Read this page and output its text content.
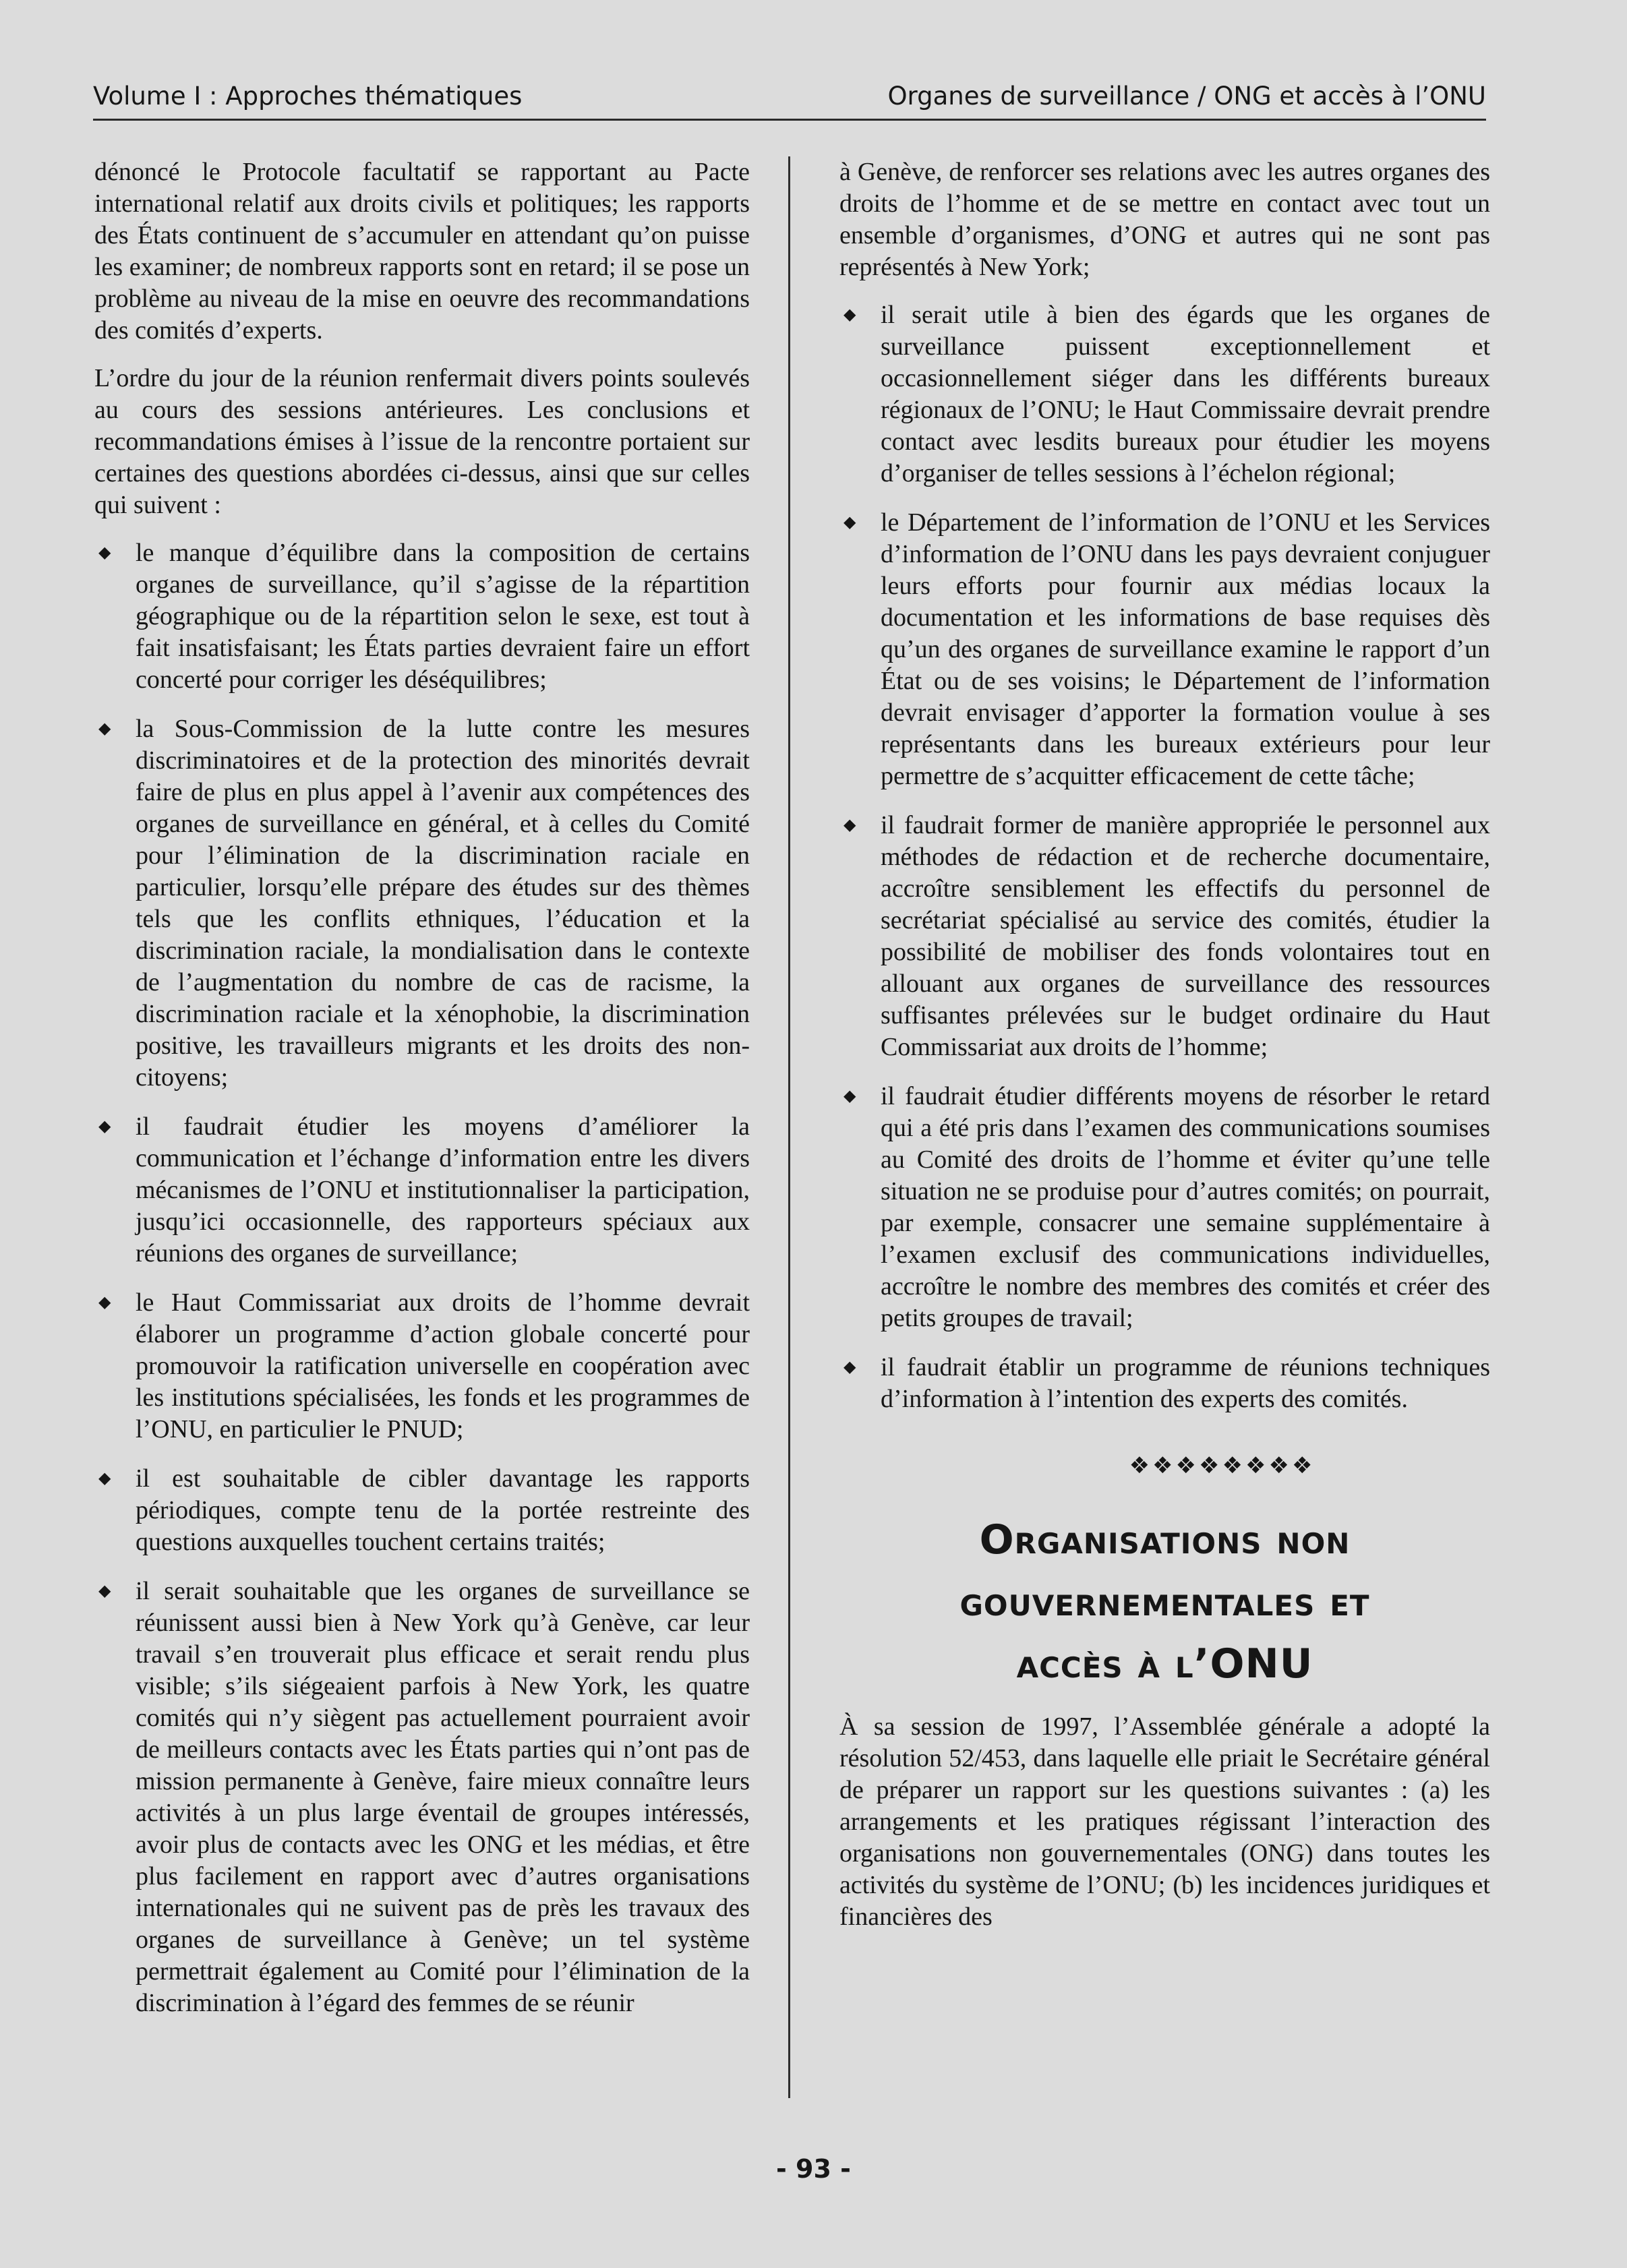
Volume I : Approches thématiques	Organes de surveillance / ONG et accès à l’ONU

dénoncé le Protocole facultatif se rapportant au Pacte international relatif aux droits civils et politiques; les rapports des États continuent de s’accumuler en attendant qu’on puisse les examiner; de nombreux rapports sont en retard; il se pose un problème au niveau de la mise en oeuvre des recommandations des comités d’experts.

L’ordre du jour de la réunion renfermait divers points soulevés au cours des sessions antérieures. Les conclusions et recommandations émises à l’issue de la rencontre portaient sur certaines des questions abordées ci-dessus, ainsi que sur celles qui suivent :

◆ le manque d’équilibre dans la composition de certains organes de surveillance, qu’il s’agisse de la répartition géographique ou de la répartition selon le sexe, est tout à fait insatisfaisant; les États parties devraient faire un effort concerté pour corriger les déséquilibres;
◆ la Sous-Commission de la lutte contre les mesures discriminatoires et de la protection des minorités devrait faire de plus en plus appel à l’avenir aux compétences des organes de surveillance en général, et à celles du Comité pour l’élimination de la discrimination raciale en particulier, lorsqu’elle prépare des études sur des thèmes tels que les conflits ethniques, l’éducation et la discrimination raciale, la mondialisation dans le contexte de l’augmentation du nombre de cas de racisme, la discrimination raciale et la xénophobie, la discrimination positive, les travailleurs migrants et les droits des non-citoyens;
◆ il faudrait étudier les moyens d’améliorer la communication et l’échange d’information entre les divers mécanismes de l’ONU et institutionnaliser la participation, jusqu’ici occasionnelle, des rapporteurs spéciaux aux réunions des organes de surveillance;
◆ le Haut Commissariat aux droits de l’homme devrait élaborer un programme d’action globale concerté pour promouvoir la ratification universelle en coopération avec les institutions spécialisées, les fonds et les programmes de l’ONU, en particulier le PNUD;
◆ il est souhaitable de cibler davantage les rapports périodiques, compte tenu de la portée restreinte des questions auxquelles touchent certains traités;
◆ il serait souhaitable que les organes de surveillance se réunissent aussi bien à New York qu’à Genève, car leur travail s’en trouverait plus efficace et serait rendu plus visible; s’ils siégeaient parfois à New York, les quatre comités qui n’y siègent pas actuellement pourraient avoir de meilleurs contacts avec les États parties qui n’ont pas de mission permanente à Genève, faire mieux connaître leurs activités à un plus large éventail de groupes intéressés, avoir plus de contacts avec les ONG et les médias, et être plus facilement en rapport avec d’autres organisations internationales qui ne suivent pas de près les travaux des organes de surveillance à Genève; un tel système permettrait également au Comité pour l’élimination de la discrimination à l’égard des femmes de se réunir

à Genève, de renforcer ses relations avec les autres organes des droits de l’homme et de se mettre en contact avec tout un ensemble d’organismes, d’ONG et autres qui ne sont pas représentés à New York;

◆ il serait utile à bien des égards que les organes de surveillance puissent exceptionnellement et occasionnellement siéger dans les différents bureaux régionaux de l’ONU; le Haut Commissaire devrait prendre contact avec lesdits bureaux pour étudier les moyens d’organiser de telles sessions à l’échelon régional;
◆ le Département de l’information de l’ONU et les Services d’information de l’ONU dans les pays devraient conjuguer leurs efforts pour fournir aux médias locaux la documentation et les informations de base requises dès qu’un des organes de surveillance examine le rapport d’un État ou de ses voisins; le Département de l’information devrait envisager d’apporter la formation voulue à ses représentants dans les bureaux extérieurs pour leur permettre de s’acquitter efficacement de cette tâche;
◆ il faudrait former de manière appropriée le personnel aux méthodes de rédaction et de recherche documentaire, accroître sensiblement les effectifs du personnel de secrétariat spécialisé au service des comités, étudier la possibilité de mobiliser des fonds volontaires tout en allouant aux organes de surveillance des ressources suffisantes prélevées sur le budget ordinaire du Haut Commissariat aux droits de l’homme;
◆ il faudrait étudier différents moyens de résorber le retard qui a été pris dans l’examen des communications soumises au Comité des droits de l’homme et éviter qu’une telle situation ne se produise pour d’autres comités; on pourrait, par exemple, consacrer une semaine supplémentaire à l’examen exclusif des communications individuelles, accroître le nombre des membres des comités et créer des petits groupes de travail;
◆ il faudrait établir un programme de réunions techniques d’information à l’intention des experts des comités.
❖❖❖❖❖❖❖❖
Organisations non
gouvernementales et
accès à l’ONU

À sa session de 1997, l’Assemblée générale a adopté la résolution 52/453, dans laquelle elle priait le Secrétaire général de préparer un rapport sur les questions suivantes : (a) les arrangements et les pratiques régissant l’interaction des organisations non gouvernementales (ONG) dans toutes les activités du système de l’ONU; (b) les incidences juridiques et financières des

- 93 -
